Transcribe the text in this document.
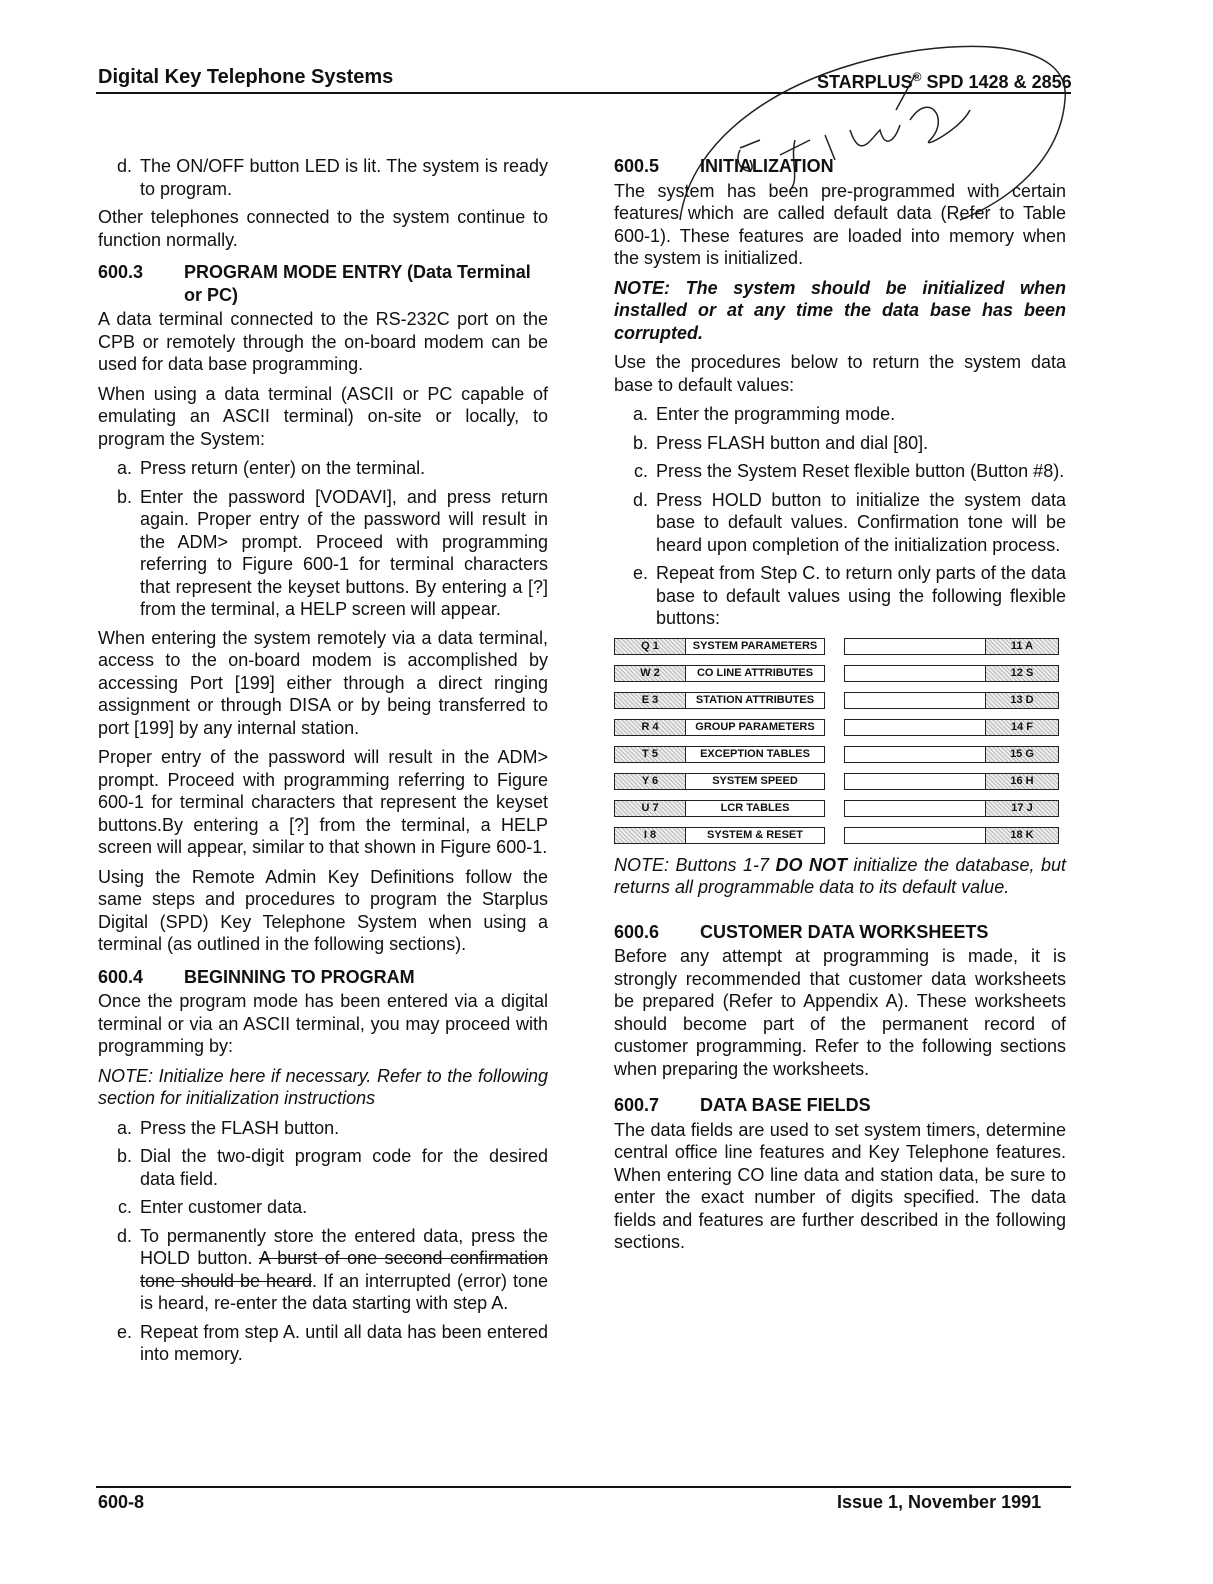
Digital Key Telephone Systems	STARPLUS® SPD 1428 & 2856
d. The ON/OFF button LED is lit. The system is ready to program.

Other telephones connected to the system continue to function normally.

600.3	PROGRAM MODE ENTRY (Data Terminal or PC)

A data terminal connected to the RS-232C port on the CPB or remotely through the on-board modem can be used for data base programming.

When using a data terminal (ASCII or PC capable of emulating an ASCII terminal) on-site or locally, to program the System:

a. Press return (enter) on the terminal.
b. Enter the password [VODAVI], and press return again. Proper entry of the password will result in the ADM> prompt. Proceed with programming referring to Figure 600-1 for terminal characters that represent the keyset buttons. By entering a [?] from the terminal, a HELP screen will appear.

When entering the system remotely via a data terminal, access to the on-board modem is accomplished by accessing Port [199] either through a direct ringing assignment or through DISA or by being transferred to port [199] by any internal station.

Proper entry of the password will result in the ADM> prompt. Proceed with programming referring to Figure 600-1 for terminal characters that represent the keyset buttons.By entering a [?] from the terminal, a HELP screen will appear, similar to that shown in Figure 600-1.

Using the Remote Admin Key Definitions follow the same steps and procedures to program the Starplus Digital (SPD) Key Telephone System when using a terminal (as outlined in the following sections).

600.4	BEGINNING TO PROGRAM

Once the program mode has been entered via a digital terminal or via an ASCII terminal, you may proceed with programming by:

NOTE: Initialize here if necessary. Refer to the following section for initialization instructions

a. Press the FLASH button.
b. Dial the two-digit program code for the desired data field.
c. Enter customer data.
d. To permanently store the entered data, press the HOLD button. A burst of one second confirmation tone should be heard. If an interrupted (error) tone is heard, re-enter the data starting with step A.
e. Repeat from step A. until all data has been entered into memory.
600.5	INITIALIZATION

The system has been pre-programmed with certain features which are called default data (Refer to Table 600-1). These features are loaded into memory when the system is initialized.

NOTE: The system should be initialized when installed or at any time the data base has been corrupted.

Use the procedures below to return the system data base to default values:

a. Enter the programming mode.
b. Press FLASH button and dial [80].
c. Press the System Reset flexible button (Button #8).
d. Press HOLD button to initialize the system data base to default values. Confirmation tone will be heard upon completion of the initialization process.
e. Repeat from Step C. to return only parts of the data base to default values using the following flexible buttons:
Q 1	SYSTEM PARAMETERS	11 A
W 2	CO LINE ATTRIBUTES	12 S
E 3	STATION ATTRIBUTES	13 D
R 4	GROUP PARAMETERS	14 F
T 5	EXCEPTION TABLES	15 G
Y 6	SYSTEM SPEED	16 H
U 7	LCR TABLES	17 J
I 8	SYSTEM & RESET	18 K

NOTE: Buttons 1-7 DO NOT initialize the database, but returns all programmable data to its default value.

600.6	CUSTOMER DATA WORKSHEETS

Before any attempt at programming is made, it is strongly recommended that customer data worksheets be prepared (Refer to Appendix A). These worksheets should become part of the permanent record of customer programming. Refer to the following sections when preparing the worksheets.

600.7	DATA BASE FIELDS

The data fields are used to set system timers, determine central office line features and Key Telephone features. When entering CO line data and station data, be sure to enter the exact number of digits specified. The data fields and features are further described in the following sections.

600-8	Issue 1, November 1991
